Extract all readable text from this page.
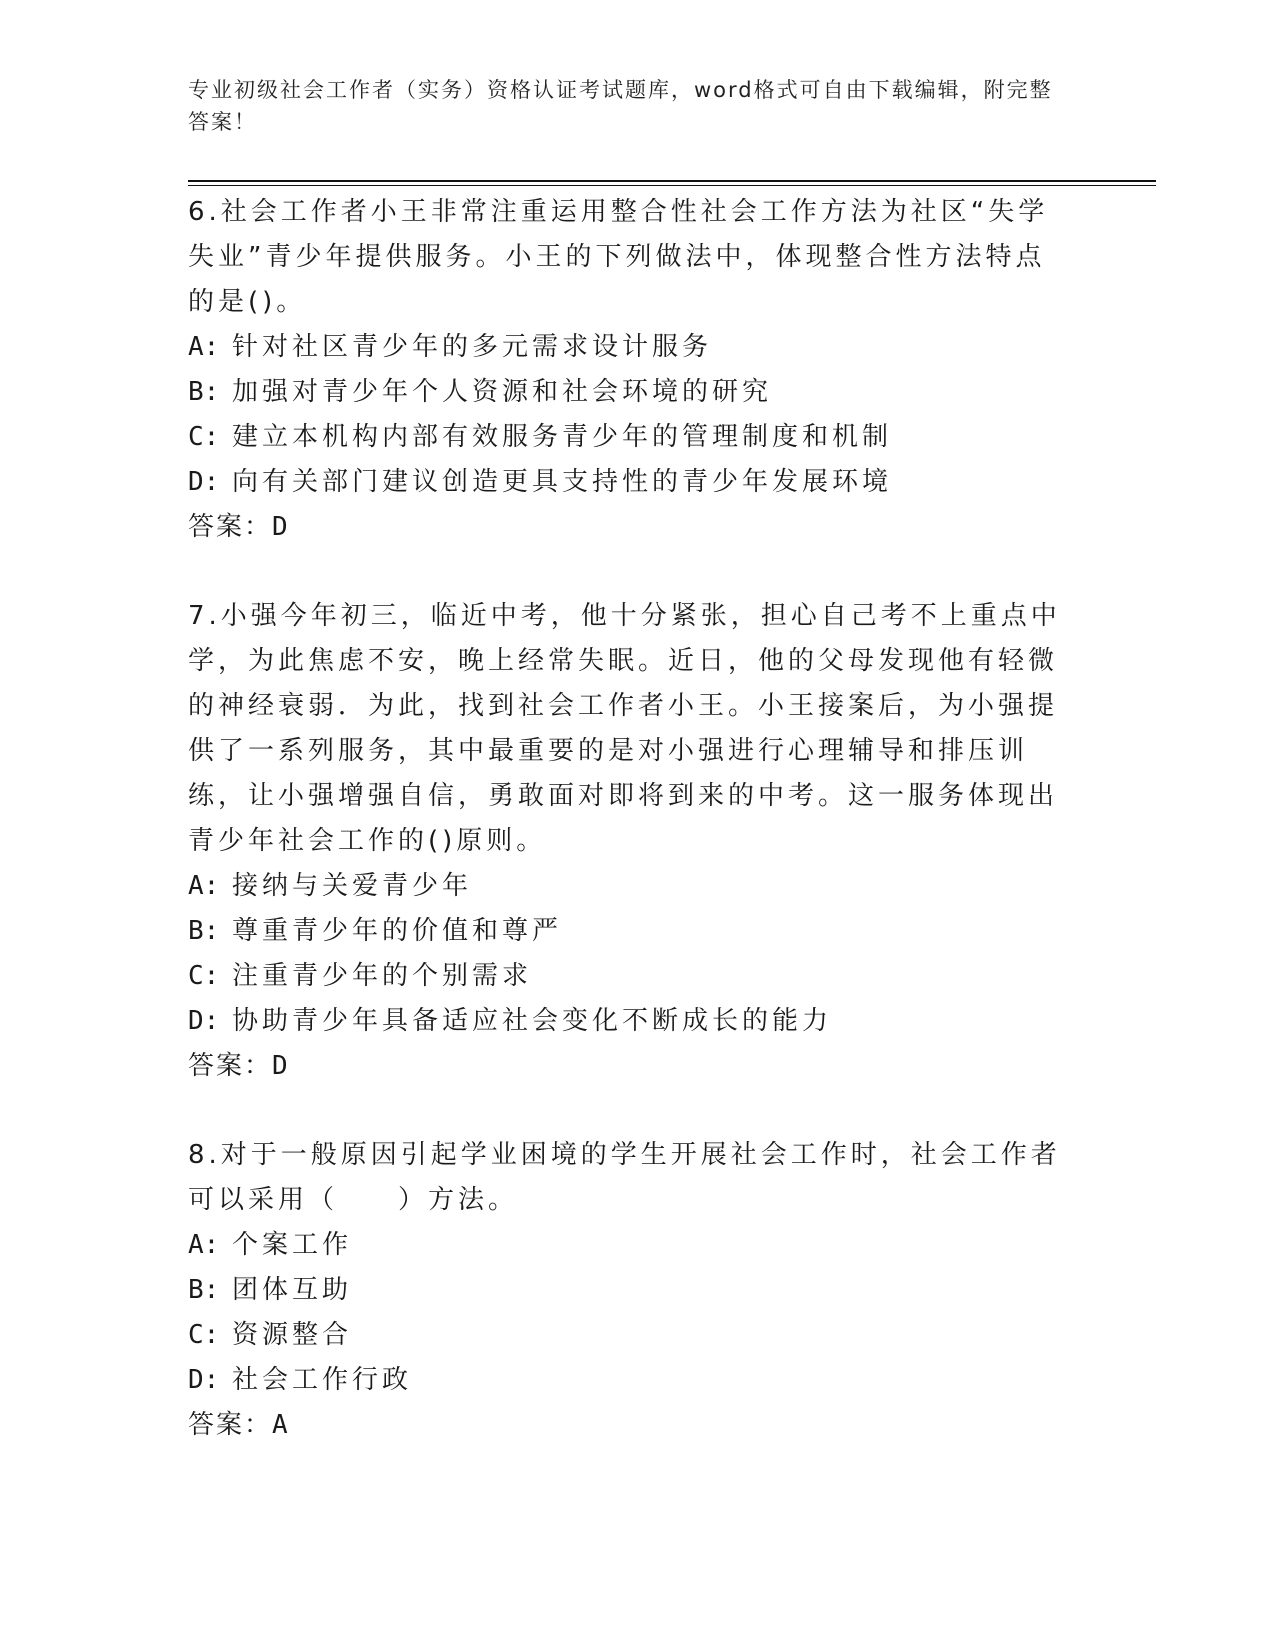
专业初级社会工作者（实务）资格认证考试题库，word格式可自由下载编辑，附完整答案！

6.社会工作者小王非常注重运用整合性社会工作方法为社区“失学失业”青少年提供服务。小王的下列做法中，体现整合性方法特点的是()。

A: 针对社区青少年的多元需求设计服务

B: 加强对青少年个人资源和社会环境的研究

C: 建立本机构内部有效服务青少年的管理制度和机制

D: 向有关部门建议创造更具支持性的青少年发展环境

答案：D

7.小强今年初三，临近中考，他十分紧张，担心自己考不上重点中学，为此焦虑不安，晚上经常失眠。近日，他的父母发现他有轻微的神经衰弱．为此，找到社会工作者小王。小王接案后，为小强提供了一系列服务，其中最重要的是对小强进行心理辅导和排压训练，让小强增强自信，勇敢面对即将到来的中考。这一服务体现出青少年社会工作的()原则。

A: 接纳与关爱青少年

B: 尊重青少年的价值和尊严

C: 注重青少年的个别需求

D: 协助青少年具备适应社会变化不断成长的能力

答案：D

8.对于一般原因引起学业困境的学生开展社会工作时，社会工作者可以采用（　　）方法。

A: 个案工作

B: 团体互助

C: 资源整合

D: 社会工作行政

答案：A
